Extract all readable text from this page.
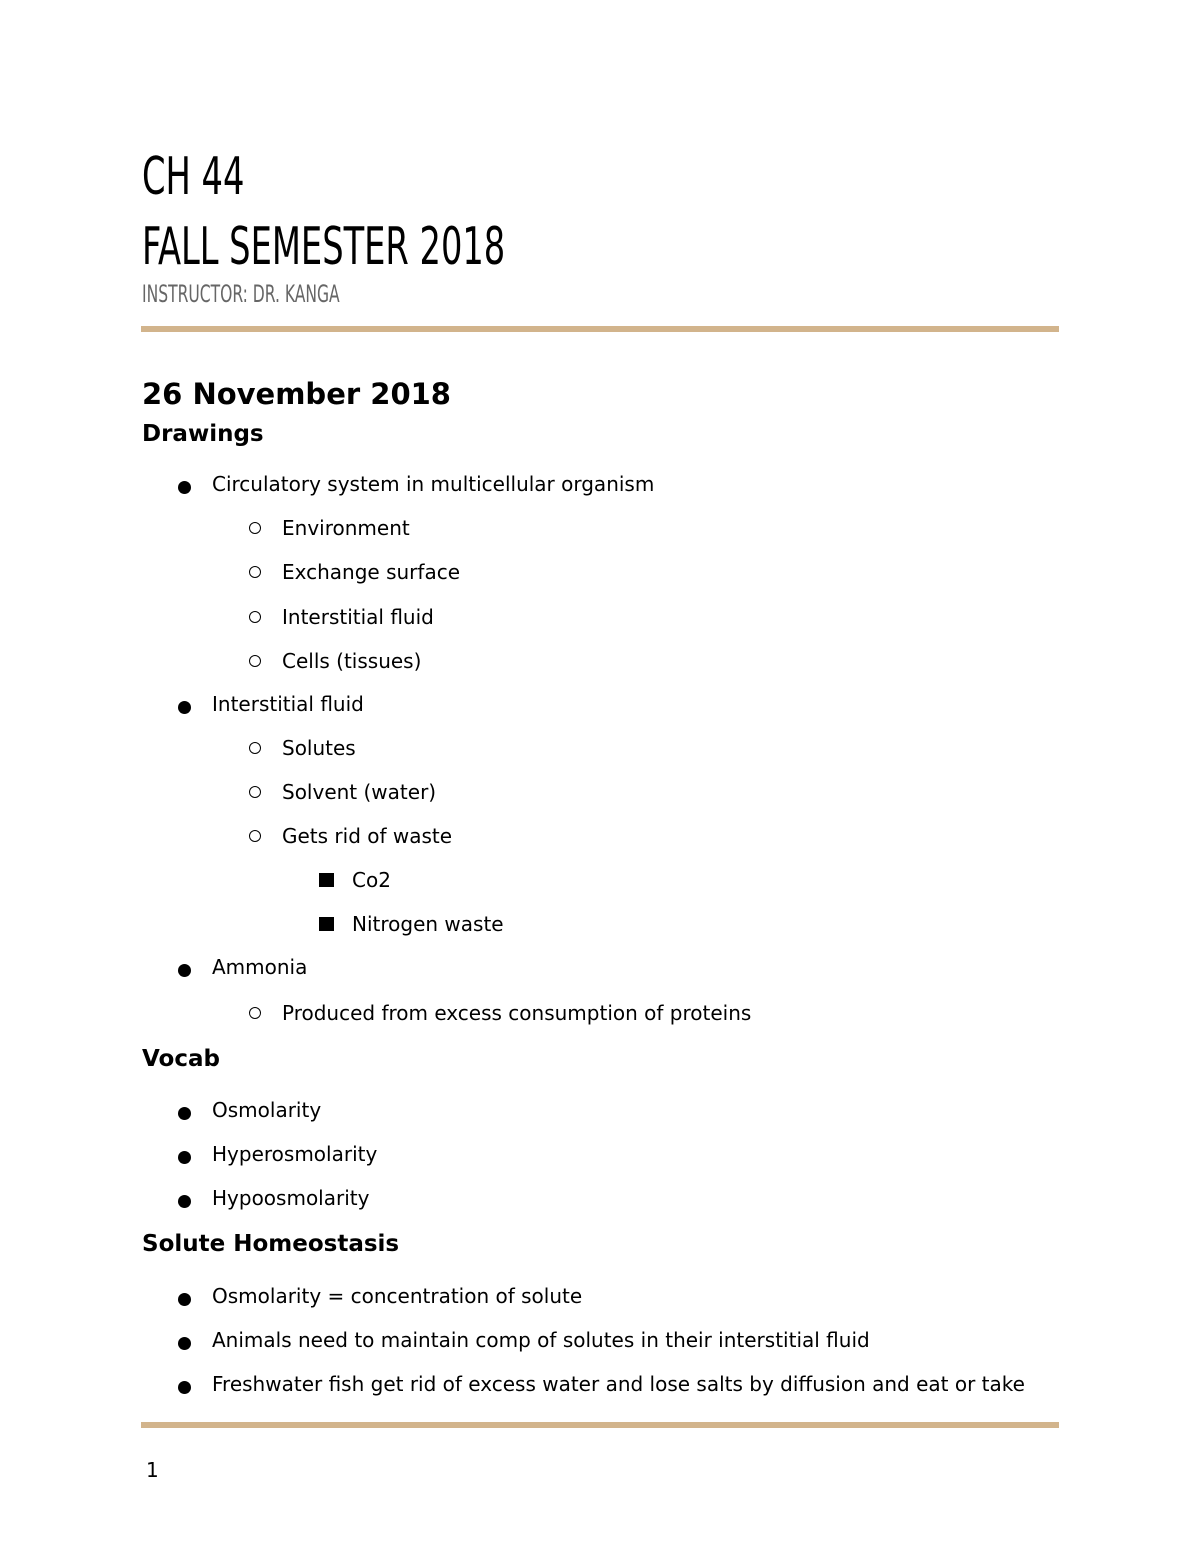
CH 44
FALL SEMESTER 2018

INSTRUCTOR: DR. KANGA

26 November 2018
Drawings

Circulatory system in multicellular organism

Environment

Exchange surface

Interstitial fluid

Cells (tissues)

Interstitial fluid

Solutes

Solvent (water)

Gets rid of waste

Co2

Nitrogen waste

Ammonia

Produced from excess consumption of proteins

Vocab

Osmolarity

Hyperosmolarity

Hypoosmolarity

Solute Homeostasis

Osmolarity = concentration of solute

Animals need to maintain comp of solutes in their interstitial fluid

Freshwater fish get rid of excess water and lose salts by diffusion and eat or take

1
